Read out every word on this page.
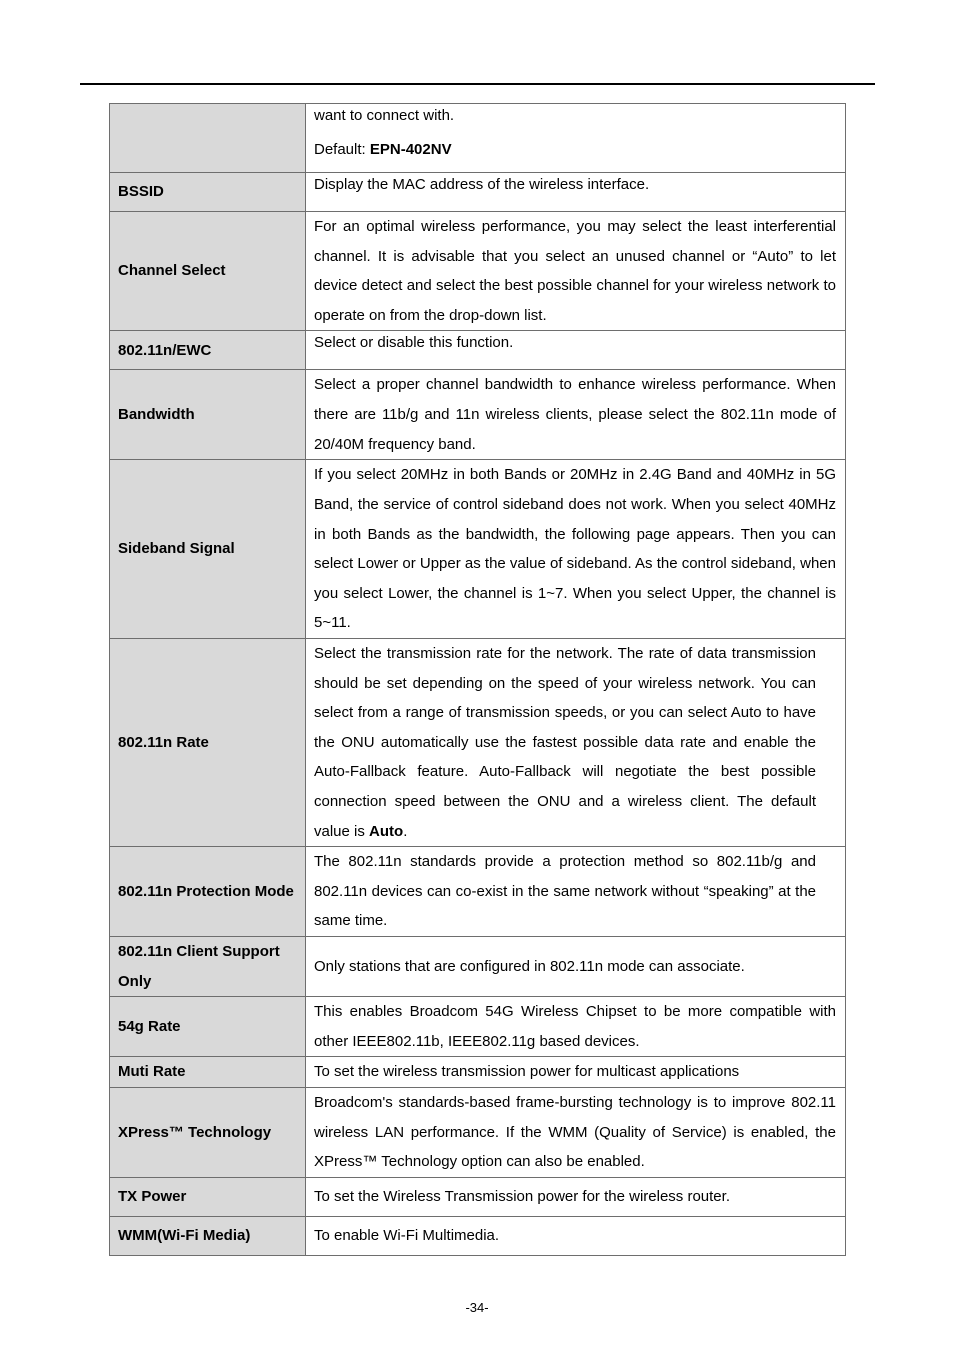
	want to connect with.
Default: EPN-402NV

BSSID	Display the MAC address of the wireless interface.
Channel Select	For an optimal wireless performance, you may select the least interferential channel. It is advisable that you select an unused channel or “Auto” to let device detect and select the best possible channel for your wireless network to operate on from the drop-down list.
802.11n/EWC	Select or disable this function.
Bandwidth	Select a proper channel bandwidth to enhance wireless performance. When there are 11b/g and 11n wireless clients, please select the 802.11n mode of 20/40M frequency band.
Sideband Signal	If you select 20MHz in both Bands or 20MHz in 2.4G Band and 40MHz in 5G Band, the service of control sideband does not work. When you select 40MHz in both Bands as the bandwidth, the following page appears. Then you can select Lower or Upper as the value of sideband. As the control sideband, when you select Lower, the channel is 1~7. When you select Upper, the channel is 5~11.
802.11n Rate	Select the transmission rate for the network. The rate of data transmission should be set depending on the speed of your wireless network. You can select from a range of transmission speeds, or you can select Auto to have the ONU automatically use the fastest possible data rate and enable the Auto-Fallback feature. Auto-Fallback will negotiate the best possible connection speed between the ONU and a wireless client. The default value is Auto.
802.11n Protection Mode	The 802.11n standards provide a protection method so 802.11b/g and 802.11n devices can co-exist in the same network without “speaking” at the same time.
802.11n Client Support Only	Only stations that are configured in 802.11n mode can associate.
54g Rate	This enables Broadcom 54G Wireless Chipset to be more compatible with other IEEE802.11b, IEEE802.11g based devices.
Muti Rate	To set the wireless transmission power for multicast applications
XPress™ Technology	Broadcom's standards-based frame-bursting technology is to improve 802.11 wireless LAN performance. If the WMM (Quality of Service) is enabled, the XPress™ Technology option can also be enabled.
TX Power	To set the Wireless Transmission power for the wireless router.
WMM(Wi-Fi Media)	To enable Wi-Fi Multimedia.
-34-
